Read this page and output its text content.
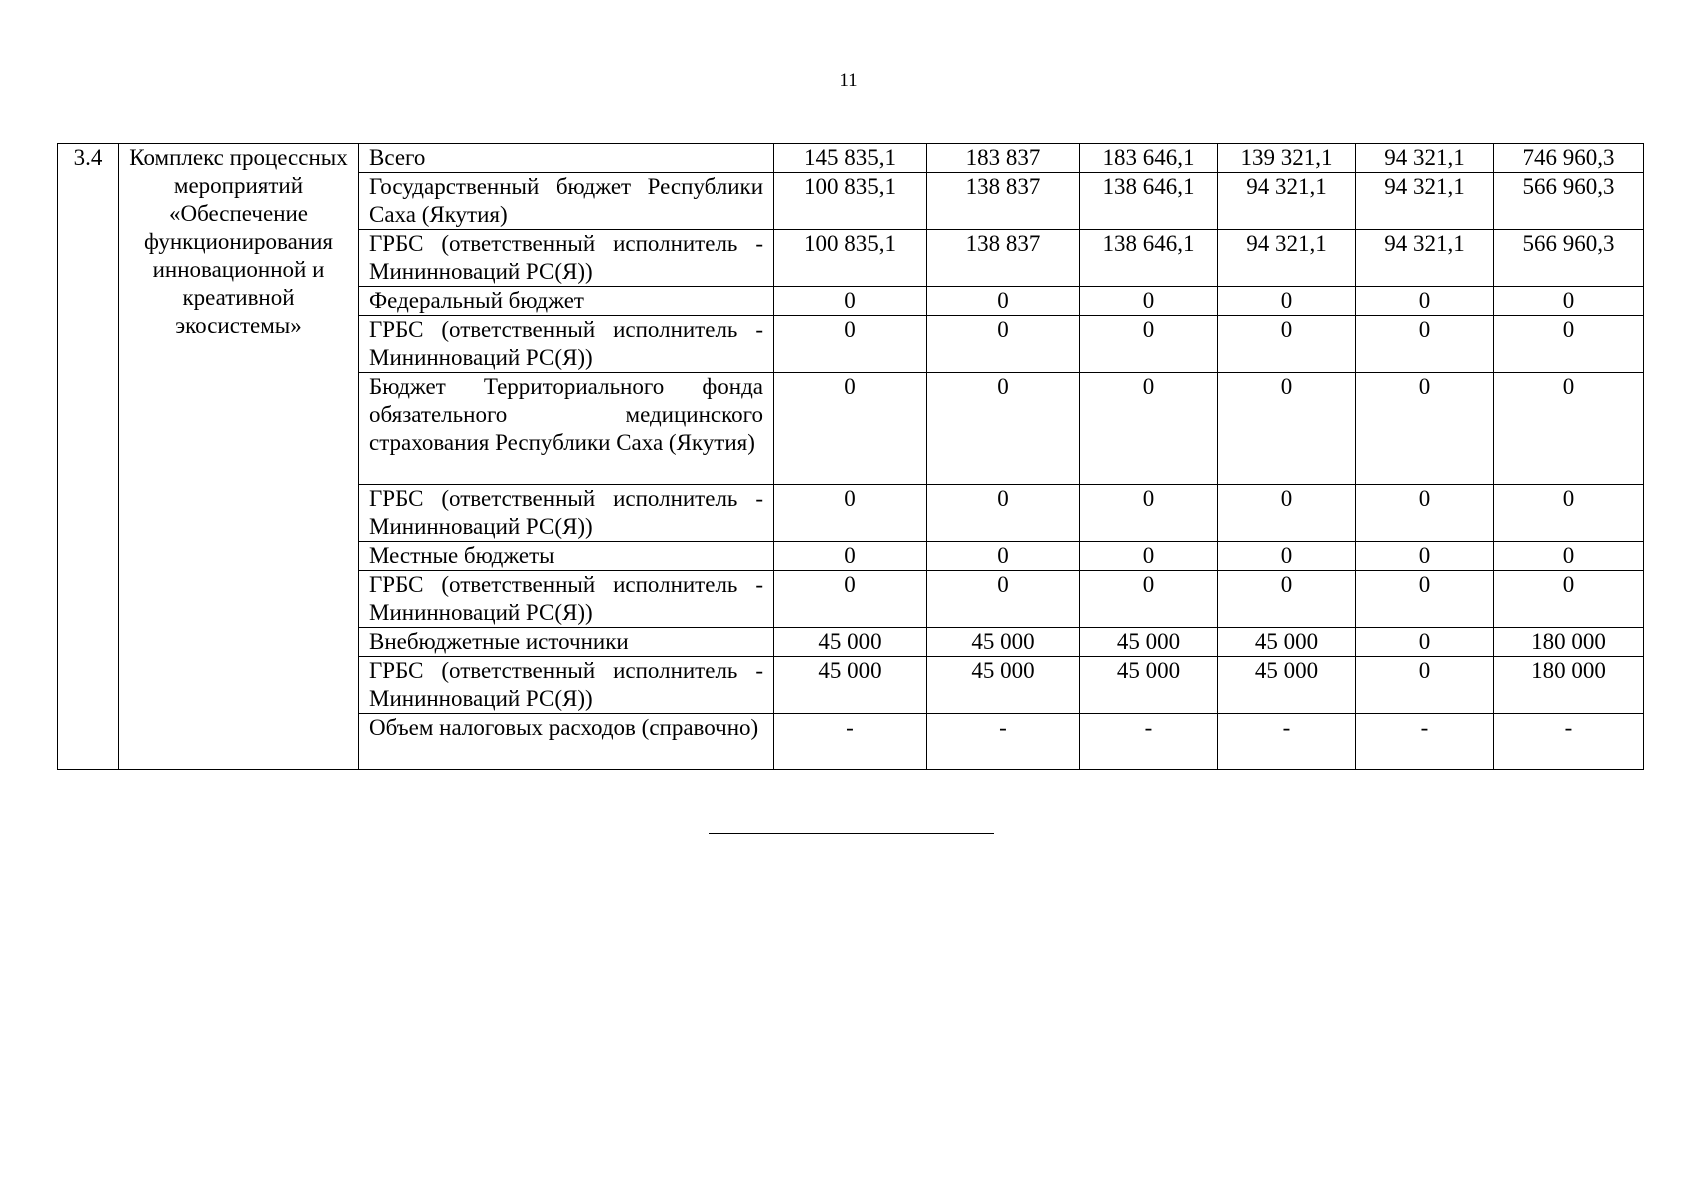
11
3.4	Комплекс процессных мероприятий «Обеспечение функционирования инновационной и креативной экосистемы»	Всего	145 835,1	183 837	183 646,1	139 321,1	94 321,1	746 960,3
		Государственный бюджет Республики Саха (Якутия)	100 835,1	138 837	138 646,1	94 321,1	94 321,1	566 960,3
		ГРБС (ответственный исполнитель - Мининноваций РС(Я))	100 835,1	138 837	138 646,1	94 321,1	94 321,1	566 960,3
		Федеральный бюджет	0	0	0	0	0	0
		ГРБС (ответственный исполнитель - Мининноваций РС(Я))	0	0	0	0	0	0
		Бюджет Территориального фонда обязательного медицинского страхования Республики Саха (Якутия)	0	0	0	0	0	0
		ГРБС (ответственный исполнитель - Мининноваций РС(Я))	0	0	0	0	0	0
		Местные бюджеты	0	0	0	0	0	0
		ГРБС (ответственный исполнитель - Мининноваций РС(Я))	0	0	0	0	0	0
		Внебюджетные источники	45 000	45 000	45 000	45 000	0	180 000
		ГРБС (ответственный исполнитель - Мининноваций РС(Я))	45 000	45 000	45 000	45 000	0	180 000
		Объем налоговых расходов (справочно)	-	-	-	-	-	-
